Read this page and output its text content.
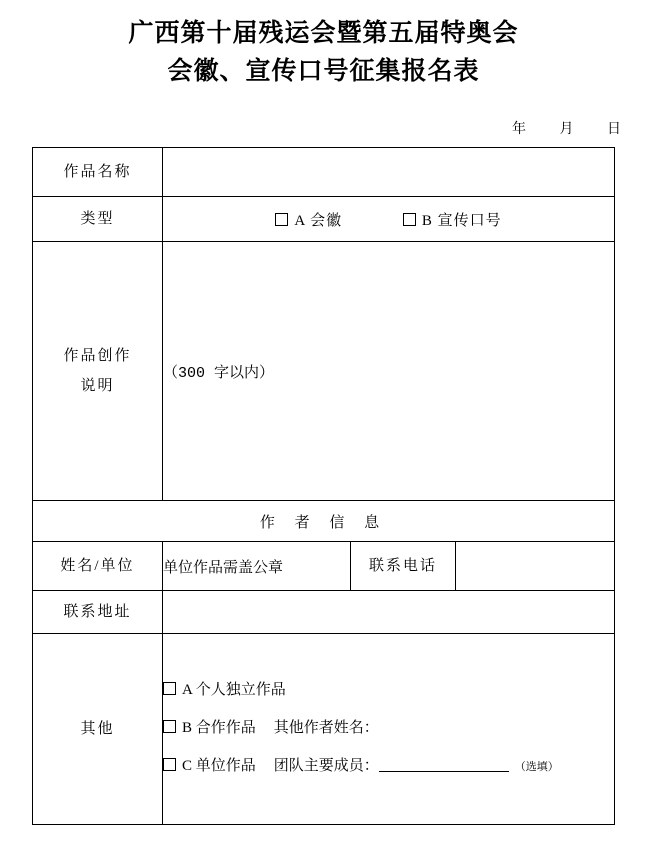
广西第十届残运会暨第五届特奥会
会徽、宣传口号征集报名表
年 月 日
作品名称			
类型	A 会徽 B 宣传口号		

作品创作
说明	（300 字以内）		

作 者 信 息			
姓名/单位	单位作品需盖公章	联系电话	
联系地址			
其他	A 个人独立作品
B 合作作品 其他作者姓名：
C 单位作品 团队主要成员： （选填）		
